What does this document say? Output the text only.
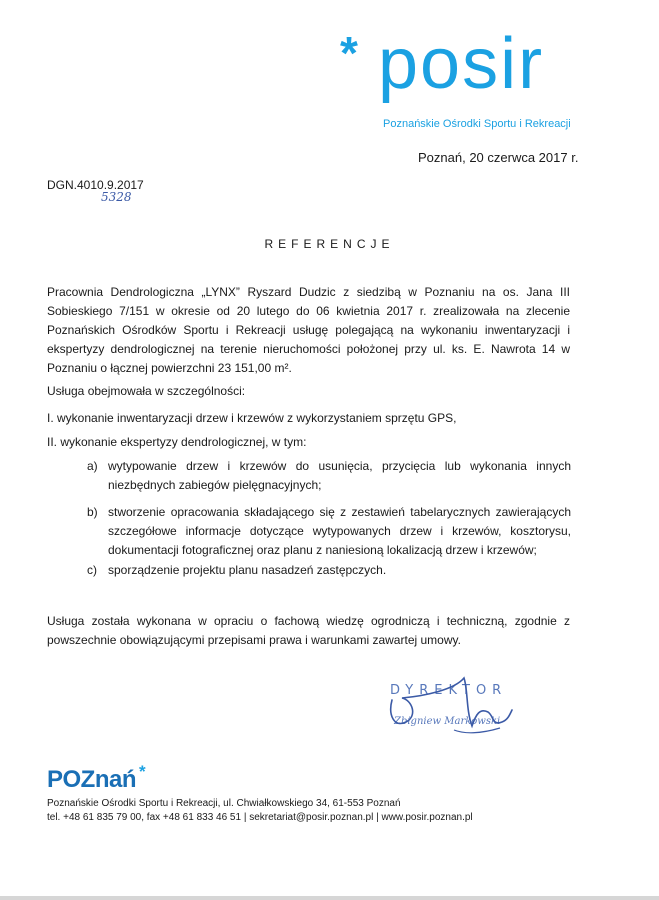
* posir
Poznańskie Ośrodki Sportu i Rekreacji
Poznań, 20 czerwca 2017 r.
DGN.4010.9.2017
5328
REFERENCJE
Pracownia Dendrologiczna „LYNX” Ryszard Dudzic z siedzibą w Poznaniu na os. Jana III Sobieskiego 7/151 w okresie od 20 lutego do 06 kwietnia 2017 r. zrealizowała na zlecenie Poznańskich Ośrodków Sportu i Rekreacji usługę polegającą na wykonaniu inwentaryzacji i ekspertyzy dendrologicznej na terenie nieruchomości położonej przy ul. ks. E. Nawrota 14 w Poznaniu o łącznej powierzchni 23 151,00 m².
Usługa obejmowała w szczególności:
I. wykonanie inwentaryzacji drzew i krzewów z wykorzystaniem sprzętu GPS,
II. wykonanie ekspertyzy dendrologicznej, w tym:
a) wytypowanie drzew i krzewów do usunięcia, przycięcia lub wykonania innych niezbędnych zabiegów pielęgnacyjnych;
b) stworzenie opracowania składającego się z zestawień tabelarycznych zawierających szczegółowe informacje dotyczące wytypowanych drzew i krzewów, kosztorysu, dokumentacji fotograficznej oraz planu z naniesioną lokalizacją drzew i krzewów;
c) sporządzenie projektu planu nasadzeń zastępczych.
Usługa została wykonana w opraciu o fachową wiedzę ogrodniczą i techniczną, zgodnie z powszechnie obowiązującymi przepisami prawa i warunkami zawartej umowy.
DYREKTOR
Zbigniew Markowski
POZnań *
Poznańskie Ośrodki Sportu i Rekreacji, ul. Chwiałkowskiego 34, 61-553 Poznań
tel. +48 61 835 79 00, fax +48 61 833 46 51 | sekretariat@posir.poznan.pl | www.posir.poznan.pl
